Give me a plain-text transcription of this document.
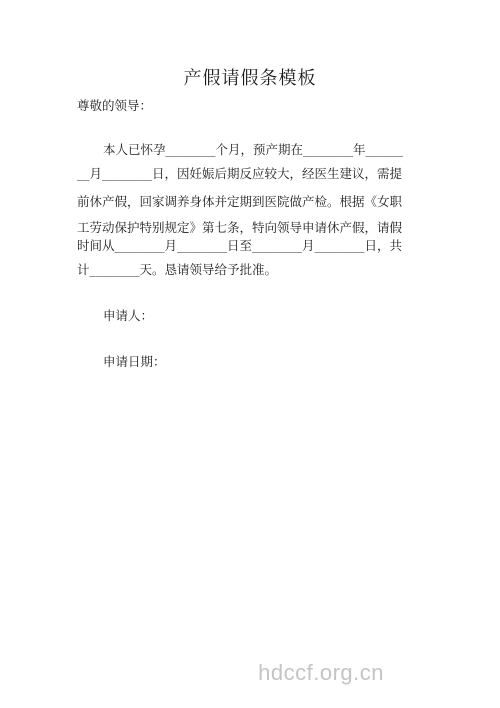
产假请假条模板
尊敬的领导：
本人已怀孕________个月，预产期在________年______
__月________日，因妊娠后期反应较大，经医生建议，需提
前休产假，回家调养身体并定期到医院做产检。根据《女职
工劳动保护特别规定》第七条，特向领导申请休产假，请假
时间从________月________日至________月________日，共
计________天。恳请领导给予批准。
申请人：
申请日期：
hdccf.org.cn
